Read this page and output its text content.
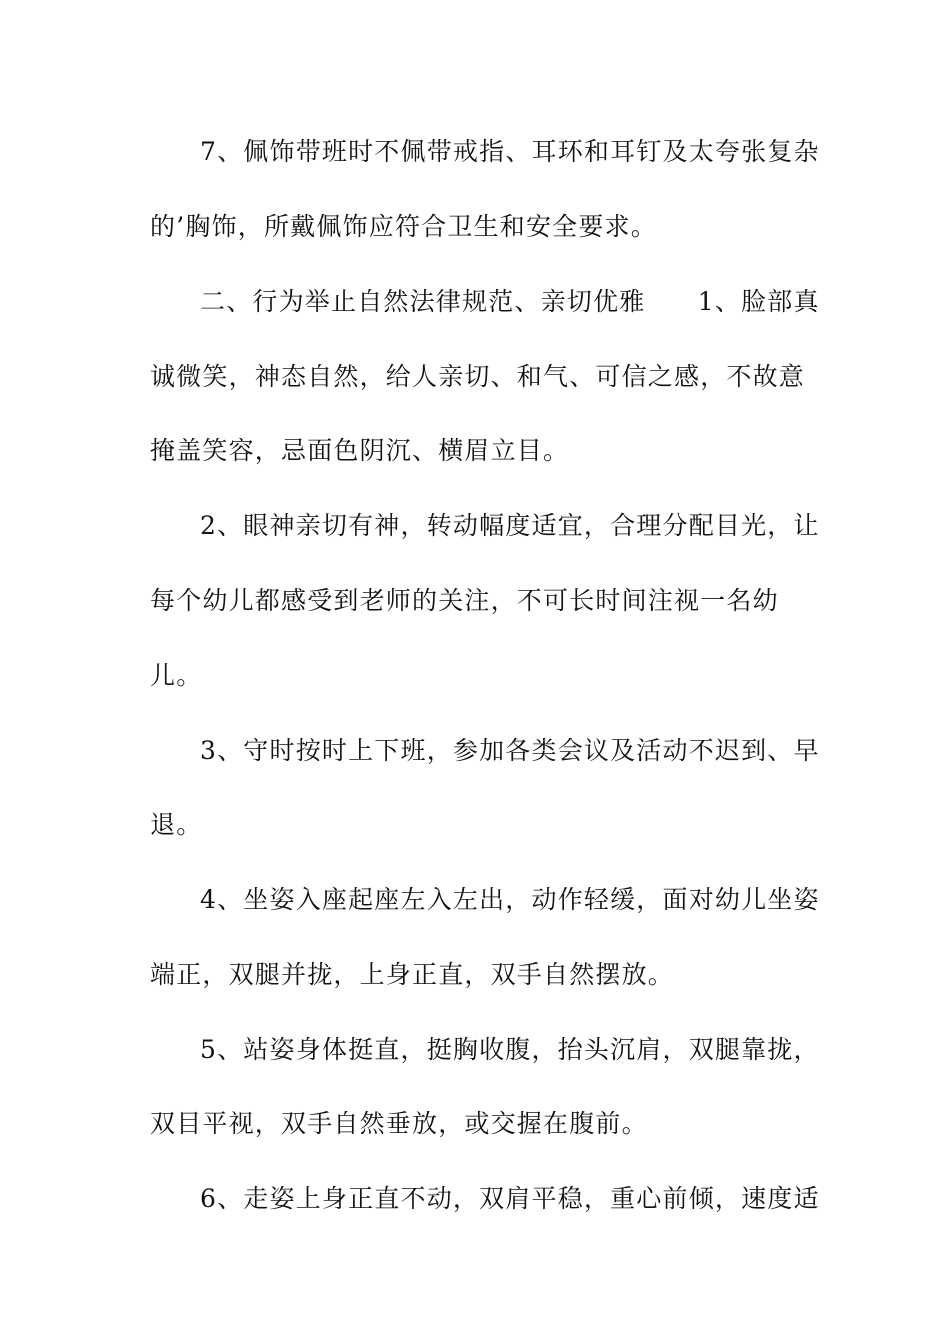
7、佩饰带班时不佩带戒指、耳环和耳钉及太夸张复杂
的’胸饰，所戴佩饰应符合卫生和安全要求。
二、行为举止自然法律规范、亲切优雅　　1、脸部真
诚微笑，神态自然，给人亲切、和气、可信之感，不故意
掩盖笑容，忌面色阴沉、横眉立目。
2、眼神亲切有神，转动幅度适宜，合理分配目光，让
每个幼儿都感受到老师的关注，不可长时间注视一名幼
儿。
3、守时按时上下班，参加各类会议及活动不迟到、早
退。
4、坐姿入座起座左入左出，动作轻缓，面对幼儿坐姿
端正，双腿并拢，上身正直，双手自然摆放。
5、站姿身体挺直，挺胸收腹，抬头沉肩，双腿靠拢，
双目平视，双手自然垂放，或交握在腹前。
6、走姿上身正直不动，双肩平稳，重心前倾，速度适
